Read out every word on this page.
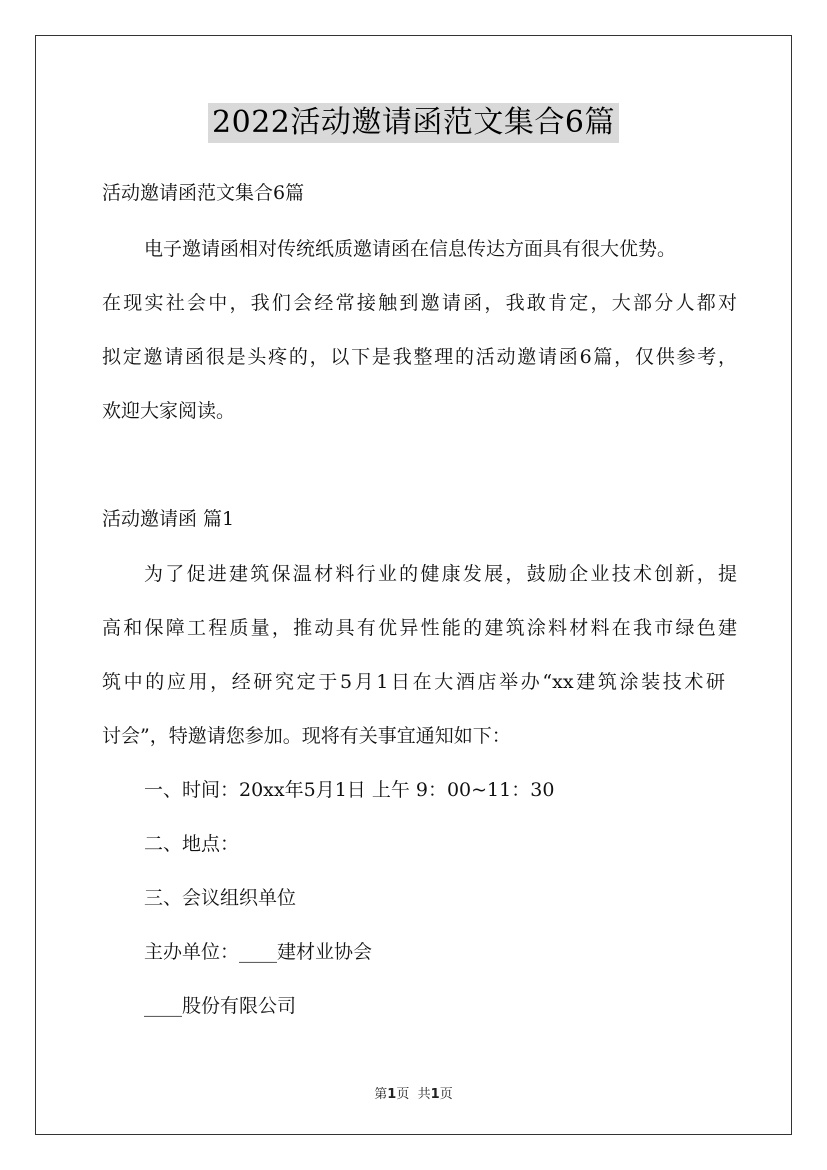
2022活动邀请函范文集合6篇
活动邀请函范文集合6篇
电子邀请函相对传统纸质邀请函在信息传达方面具有很大优势。
在现实社会中，我们会经常接触到邀请函，我敢肯定，大部分人都对
拟定邀请函很是头疼的，以下是我整理的活动邀请函6篇，仅供参考，
欢迎大家阅读。
活动邀请函 篇1
为了促进建筑保温材料行业的健康发展，鼓励企业技术创新，提
高和保障工程质量，推动具有优异性能的建筑涂料材料在我市绿色建
筑中的应用，经研究定于5月1日在大酒店举办“xx建筑涂装技术研
讨会”，特邀请您参加。现将有关事宜通知如下：
一、时间：20xx年5月1日 上午 9：00~11：30
二、地点：
三、会议组织单位
主办单位：____建材业协会
____股份有限公司
第1页 共1页
